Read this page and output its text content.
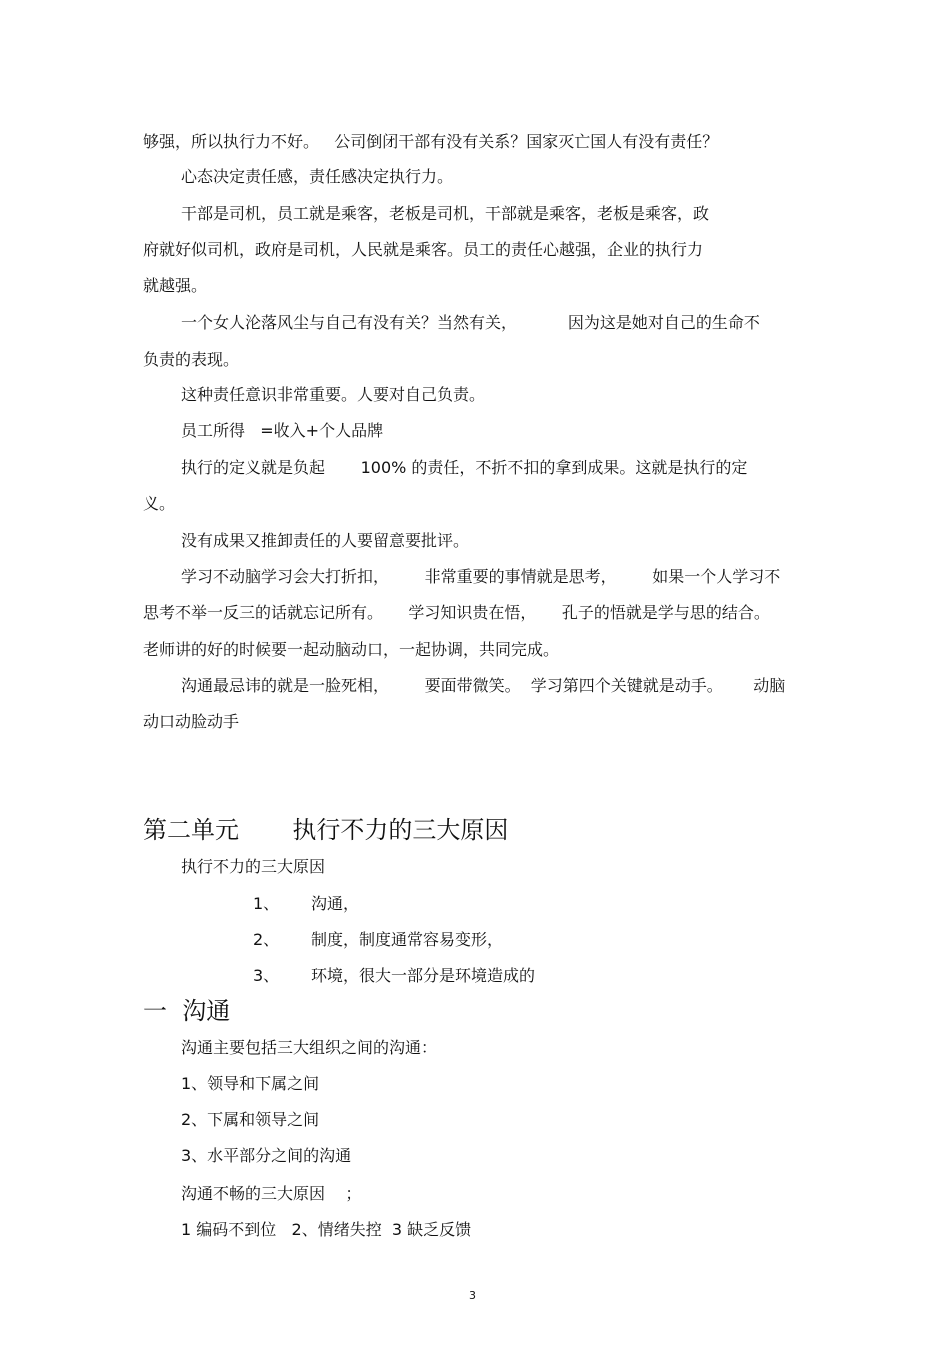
够强，所以执行力不好。   公司倒闭干部有没有关系？国家灭亡国人有没有责任？
心态决定责任感，责任感决定执行力。
干部是司机，员工就是乘客，老板是司机，干部就是乘客，老板是乘客，政
府就好似司机，政府是司机，人民就是乘客。员工的责任心越强，企业的执行力
就越强。
一个女人沦落风尘与自己有没有关？当然有关，          因为这是她对自己的生命不
负责的表现。
这种责任意识非常重要。人要对自己负责。
员工所得   =收入+个人品牌
执行的定义就是负起       100% 的责任，不折不扣的拿到成果。这就是执行的定
义。
没有成果又推卸责任的人要留意要批评。
学习不动脑学习会大打折扣，       非常重要的事情就是思考，       如果一个人学习不
思考不举一反三的话就忘记所有。     学习知识贵在悟，     孔子的悟就是学与思的结合。
老师讲的好的时候要一起动脑动口，一起协调，共同完成。
沟通最忌讳的就是一脸死相，       要面带微笑。  学习第四个关键就是动手。      动脑
动口动脸动手
第二单元       执行不力的三大原因
执行不力的三大原因
1、 沟通，
2、 制度，制度通常容易变形，
3、 环境，很大一部分是环境造成的
一  沟通
沟通主要包括三大组织之间的沟通：
1、领导和下属之间
2、下属和领导之间
3、水平部分之间的沟通
沟通不畅的三大原因    ；
1 编码不到位   2、情绪失控  3 缺乏反馈
3
